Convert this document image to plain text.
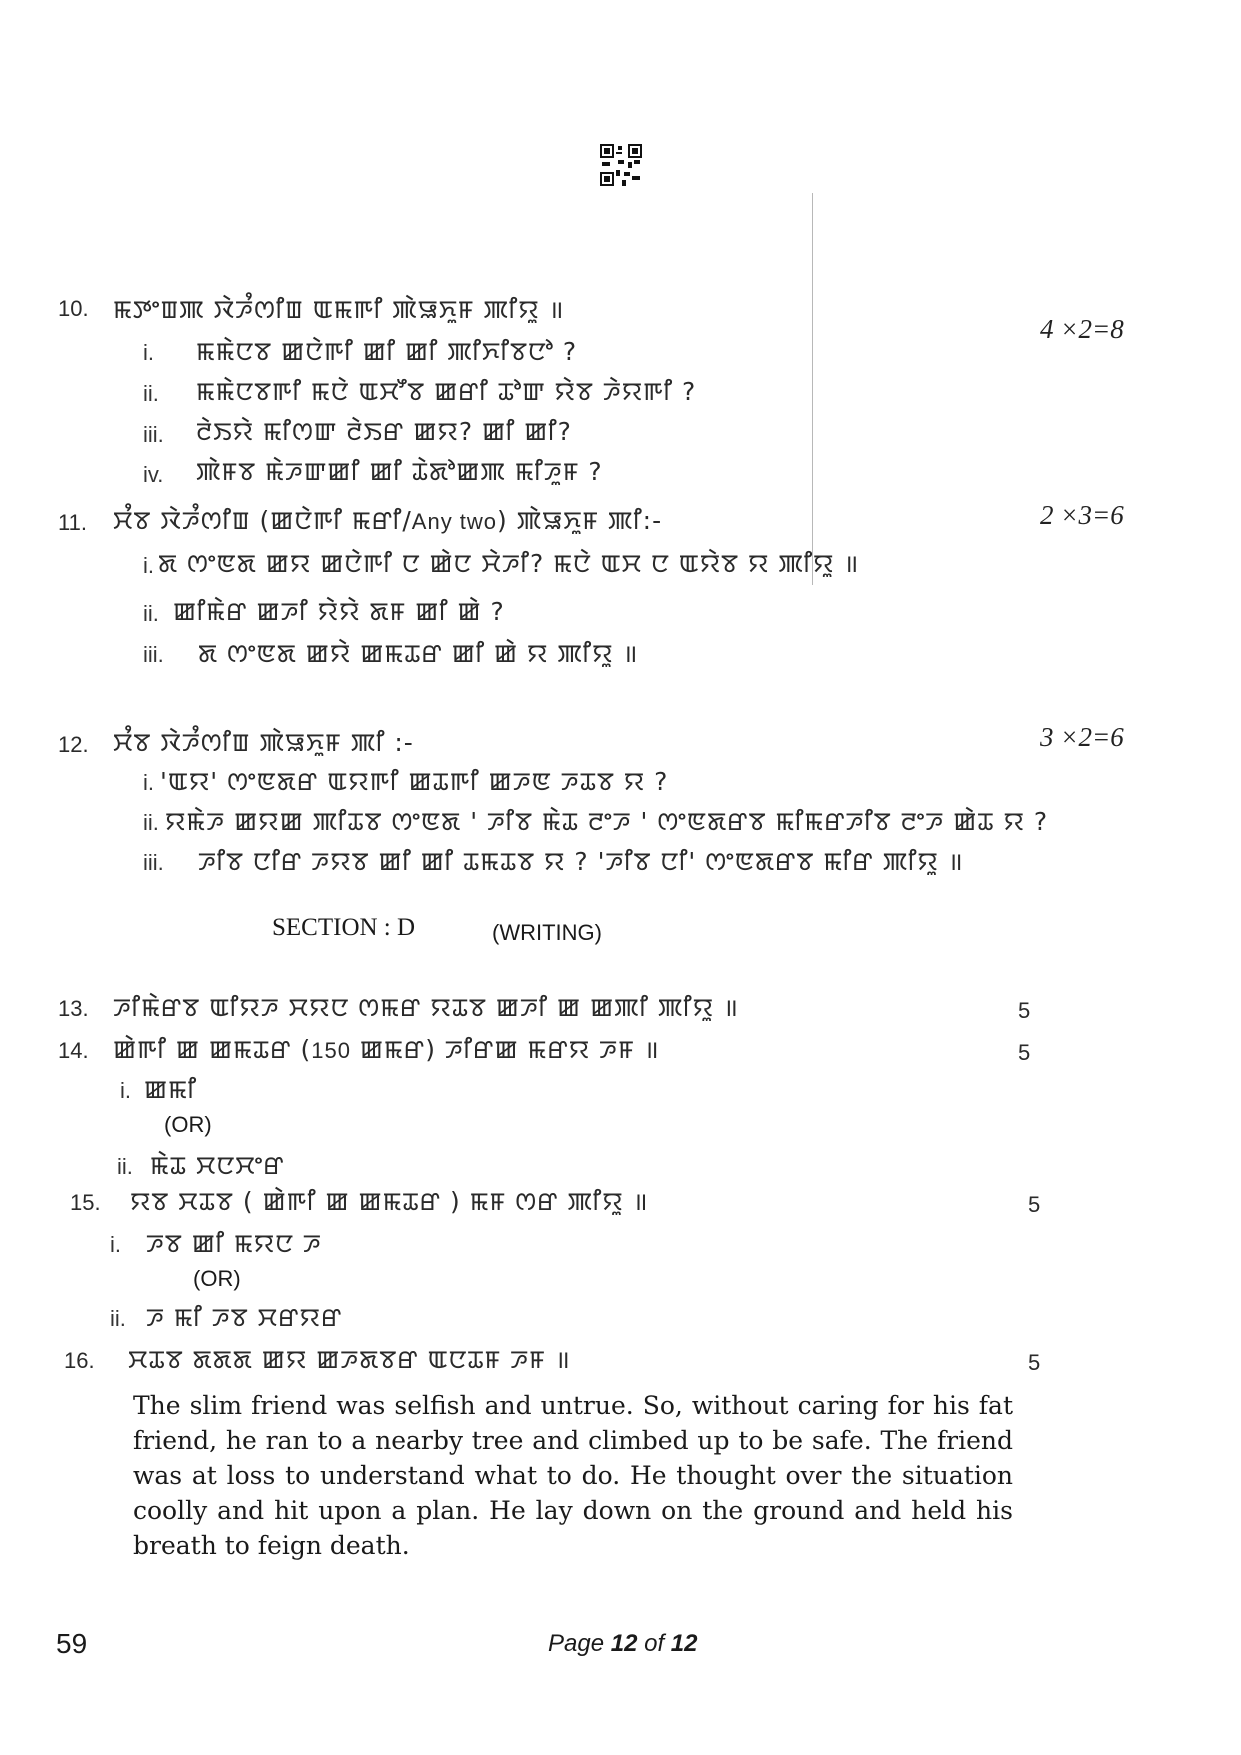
10. ꯃꯇꯦꯡꯄ ꯋꯥꯍꯪꯁꯤꯡ ꯑꯃꯒꯤ ꯄꯥꯎꯈꯨꯝ ꯄꯤꯌꯨ ॥
4 ×2=8
i. ꯃꯃꯥꯅꯕ ꯀꯅꯥꯒꯤ ꯀꯤ ꯀꯤ ꯄꯤꯈꯤꯕꯅꯣ ?
ii. ꯃꯃꯥꯅꯕꯒꯤ ꯃꯅꯥ ꯑꯆꯧꯕ ꯀꯔꯤ ꯊꯣꯛ ꯌꯥꯕ ꯍꯥꯌꯒꯤ ?
iii. ꯂꯥꯏꯌꯥ ꯃꯤꯁꯛ ꯂꯥꯏꯔ ꯀꯌ? ꯀꯤ ꯀꯤ?
iv. ꯄꯥꯝꯕ ꯃꯥꯍꯛꯀꯤ ꯀꯤ ꯊꯥꯗꯣꯀꯄ ꯃꯤꯍꯨꯝ ?
11. ꯆꯪꯕ ꯋꯥꯍꯪꯁꯤꯡ (ꯀꯅꯥꯒꯤ ꯃꯔꯤ/Any two) ꯄꯥꯎꯈꯨꯝ ꯄꯤ:-	2 ×3=6
i. ꯗ ꯁꯦꯟꯗ ꯀꯌ ꯀꯅꯥꯒꯤ ꯅ ꯀꯥꯅ ꯆꯥꯍꯤ? ꯃꯅꯥ ꯑꯆ ꯅ ꯑꯌꯥꯕ ꯌ ꯄꯤꯌꯨ ॥
ii. ꯀꯤꯃꯥꯔ ꯀꯍꯤ ꯌꯥꯌꯥ ꯗꯝ ꯀꯤ ꯀꯥ ?
iii. ꯗ ꯁꯦꯟꯗ ꯀꯌꯥ ꯀꯃꯊꯔ ꯀꯤ ꯀꯥ ꯌ ꯄꯤꯌꯨ ॥
12. ꯆꯪꯕ ꯋꯥꯍꯪꯁꯤꯡ ꯄꯥꯎꯈꯨꯝ ꯄꯤ :-	3 ×2=6
i. 'ꯑꯌ' ꯁꯦꯟꯗꯔ ꯑꯌꯒꯤ ꯀꯊꯒꯤ ꯀꯍꯟ ꯍꯊꯕ ꯌ ?
ii. ꯌꯃꯥꯍ ꯀꯌꯀ ꯄꯤꯊꯕ ꯁꯦꯟꯗ ' ꯍꯤꯕ ꯃꯥꯊ ꯂꯦꯍ ' ꯁꯦꯟꯗꯔꯕ ꯃꯤꯃꯔꯍꯤꯕ ꯂꯦꯍ ꯀꯥꯊ ꯌ ?
iii. ꯍꯤꯕ ꯅꯤꯔ ꯍꯌꯕ ꯀꯤ ꯀꯤ ꯊꯃꯊꯕ ꯌ ? 'ꯍꯤꯕ ꯅꯤ' ꯁꯦꯟꯗꯔꯕ ꯃꯤꯔ ꯄꯤꯌꯨ ॥
SECTION : D	(WRITING)
13. ꯍꯤꯃꯥꯔꯕ ꯑꯤꯌꯍ ꯆꯌꯅ ꯁꯃꯔ ꯌꯊꯕ ꯀꯍꯤ ꯀ ꯀꯄꯤ ꯄꯤꯌꯨ ॥	5
14. ꯀꯥꯒꯤ ꯀ ꯀꯃꯊꯔ (150 ꯀꯃꯔ) ꯍꯤꯔꯀ ꯃꯔꯌ ꯍꯝ ॥	5
i. ꯀꯃꯤ
(OR)
ii. ꯃꯥꯊ ꯆꯅꯆꯦꯔ
15. ꯌꯕ ꯆꯊꯕ ( ꯀꯥꯒꯤ ꯀ ꯀꯃꯊꯔ ) ꯃꯝ ꯁꯔ ꯄꯤꯌꯨ ॥	5
i. ꯍꯕ ꯀꯤ ꯃꯌꯅ ꯍ
(OR)
ii. ꯍ ꯃꯤ ꯍꯕ ꯆꯔꯌꯔ
16. ꯆꯊꯕ ꯗꯗꯗ ꯀꯌ ꯀꯍꯗꯕꯔ ꯑꯅꯊꯝ ꯍꯝ ॥	5
The slim friend was selfish and untrue. So, without caring for his fat friend, he ran to a nearby tree and climbed up to be safe. The friend was at loss to understand what to do. He thought over the situation coolly and hit upon a plan. He lay down on the ground and held his breath to feign death.
59	Page 12 of 12
